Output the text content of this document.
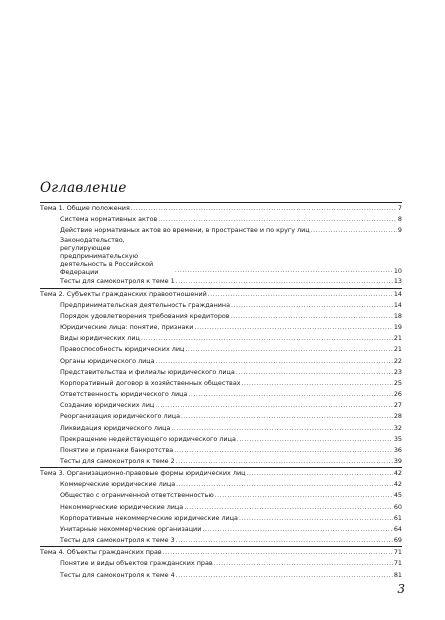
Оглавление
Тема 1. Общие положения .....	7
Система нормативных актов .....	8
Действие нормативных актов во времени, в пространстве и по кругу лиц .....	9
Законодательство, регулирующее предпринимательскую деятельность в Российской Федерации .....	10
Тесты для самоконтроля к теме 1 .....	13
Тема 2. Субъекты гражданских правоотношений .....	14
Предпринимательская деятельность гражданина .....	14
Порядок удовлетворения требования кредиторов .....	18
Юридические лица: понятие, признаки .....	19
Виды юридических лиц .....	21
Правоспособность юридических лиц .....	21
Органы юридического лица .....	22
Представительства и филиалы юридического лица .....	23
Корпоративный договор в хозяйственных обществах .....	25
Ответственность юридического лица .....	26
Создание юридических лиц .....	27
Реорганизация юридического лица .....	28
Ликвидация юридического лица .....	32
Прекращение недействующего юридического лица .....	35
Понятие и признаки банкротства .....	36
Тесты для самоконтроля к теме 2 .....	39
Тема 3. Организационно-правовые формы юридических лиц .....	42
Коммерческие юридические лица .....	42
Общество с ограниченной ответственностью .....	45
Некоммерческие юридические лица .....	60
Корпоративные некоммерческие юридические лица .....	61
Унитарные некоммерческие организации .....	64
Тесты для самоконтроля к теме 3 .....	69
Тема 4. Объекты гражданских прав .....	71
Понятие и виды объектов гражданских прав .....	71
Тесты для самоконтроля к теме 4 .....	81
3
